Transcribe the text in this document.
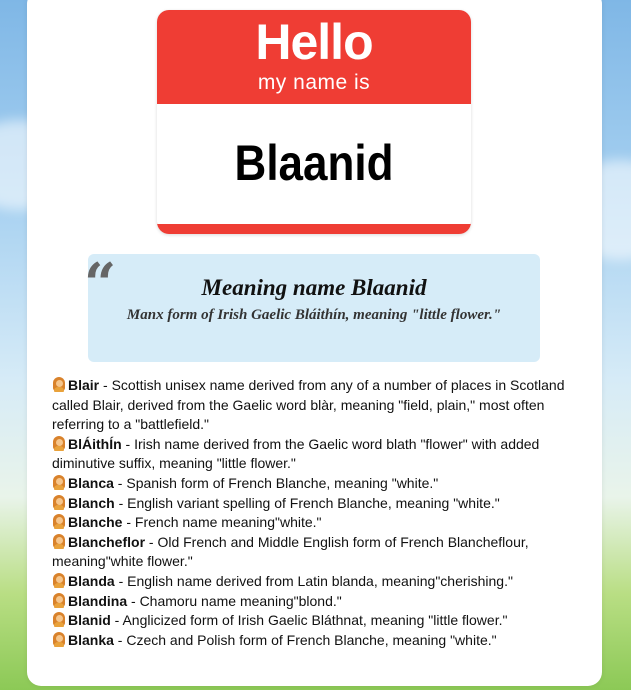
Hello
my name is
Blaanid
“	Meaning name Blaanid
Manx form of Irish Gaelic Bláithín, meaning "little flower."
Blair - Scottish unisex name derived from any of a number of places in Scotland called Blair, derived from the Gaelic word blàr, meaning "field, plain," most often referring to a "battlefield."
BlÁithÍn - Irish name derived from the Gaelic word blath "flower" with added diminutive suffix, meaning "little flower."
Blanca - Spanish form of French Blanche, meaning "white."
Blanch - English variant spelling of French Blanche, meaning "white."
Blanche - French name meaning"white."
Blancheflor - Old French and Middle English form of French Blancheflour, meaning"white flower."
Blanda - English name derived from Latin blanda, meaning"cherishing."
Blandina - Chamoru name meaning"blond."
Blanid - Anglicized form of Irish Gaelic Bláthnat, meaning "little flower."
Blanka - Czech and Polish form of French Blanche, meaning "white."
